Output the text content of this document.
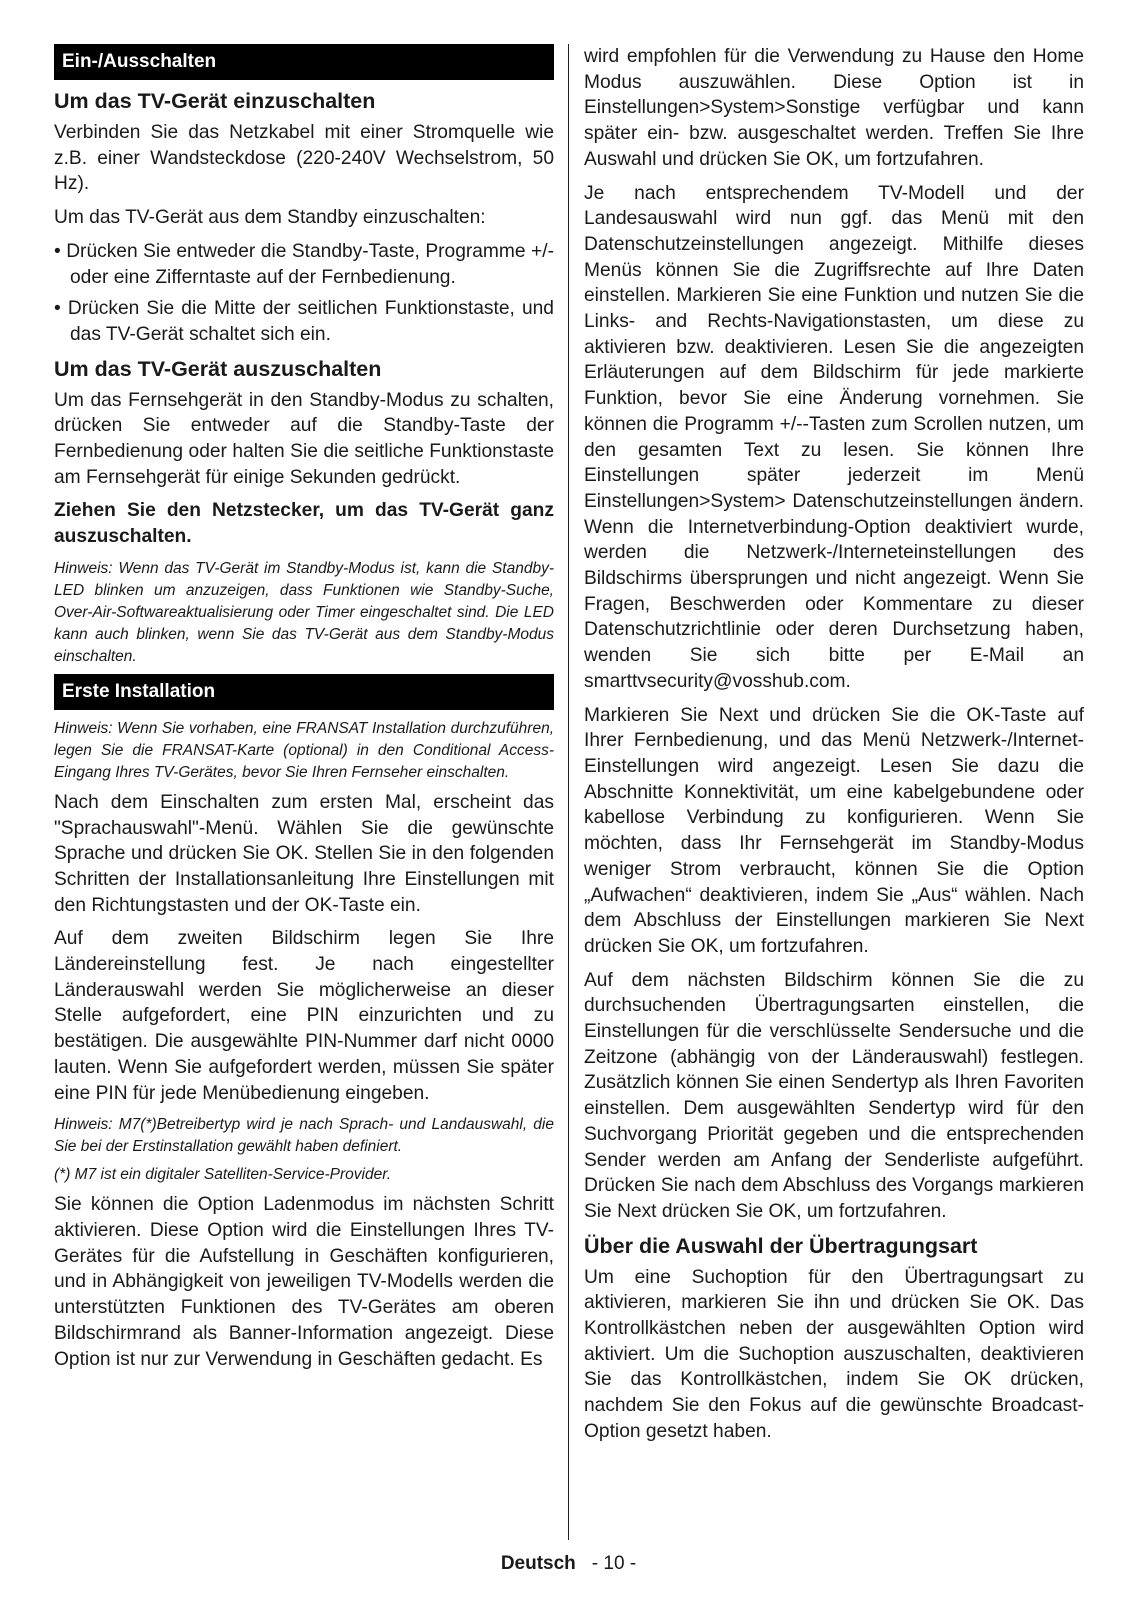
Ein-/Ausschalten
Um das TV-Gerät einzuschalten

Verbinden Sie das Netzkabel mit einer Stromquelle wie z.B. einer Wandsteckdose (220-240V Wechselstrom, 50 Hz).

Um das TV-Gerät aus dem Standby einzuschalten:

• Drücken Sie entweder die Standby-Taste, Programme +/- oder eine Zifferntaste auf der Fernbedienung.
• Drücken Sie die Mitte der seitlichen Funktionstaste, und das TV-Gerät schaltet sich ein.
Um das TV-Gerät auszuschalten

Um das Fernsehgerät in den Standby-Modus zu schalten, drücken Sie entweder auf die Standby-Taste der Fernbedienung oder halten Sie die seitliche Funktionstaste am Fernsehgerät für einige Sekunden gedrückt.

Ziehen Sie den Netzstecker, um das TV-Gerät ganz auszuschalten.

Hinweis: Wenn das TV-Gerät im Standby-Modus ist, kann die Standby-LED blinken um anzuzeigen, dass Funktionen wie Standby-Suche, Over-Air-Softwareaktualisierung oder Timer eingeschaltet sind. Die LED kann auch blinken, wenn Sie das TV-Gerät aus dem Standby-Modus einschalten.

Erste Installation

Hinweis: Wenn Sie vorhaben, eine FRANSAT Installation durchzuführen, legen Sie die FRANSAT-Karte (optional) in den Conditional Access-Eingang Ihres TV-Gerätes, bevor Sie Ihren Fernseher einschalten.

Nach dem Einschalten zum ersten Mal, erscheint das "Sprachauswahl"-Menü. Wählen Sie die gewünschte Sprache und drücken Sie OK. Stellen Sie in den folgenden Schritten der Installationsanleitung Ihre Einstellungen mit den Richtungstasten und der OK-Taste ein.

Auf dem zweiten Bildschirm legen Sie Ihre Ländereinstellung fest. Je nach eingestellter Länderauswahl werden Sie möglicherweise an dieser Stelle aufgefordert, eine PIN einzurichten und zu bestätigen. Die ausgewählte PIN-Nummer darf nicht 0000 lauten. Wenn Sie aufgefordert werden, müssen Sie später eine PIN für jede Menübedienung eingeben.

Hinweis: M7(*)Betreibertyp wird je nach Sprach- und Landauswahl, die Sie bei der Erstinstallation gewählt haben definiert.

(*) M7 ist ein digitaler Satelliten-Service-Provider.

Sie können die Option Ladenmodus im nächsten Schritt aktivieren. Diese Option wird die Einstellungen Ihres TV-Gerätes für die Aufstellung in Geschäften konfigurieren, und in Abhängigkeit von jeweiligen TV-Modells werden die unterstützten Funktionen des TV-Gerätes am oberen Bildschirmrand als Banner-Information angezeigt. Diese Option ist nur zur Verwendung in Geschäften gedacht. Es

wird empfohlen für die Verwendung zu Hause den Home Modus auszuwählen. Diese Option ist in Einstellungen>System>Sonstige verfügbar und kann später ein- bzw. ausgeschaltet werden. Treffen Sie Ihre Auswahl und drücken Sie OK, um fortzufahren.

Je nach entsprechendem TV-Modell und der Landesauswahl wird nun ggf. das Menü mit den Datenschutzeinstellungen angezeigt. Mithilfe dieses Menüs können Sie die Zugriffsrechte auf Ihre Daten einstellen. Markieren Sie eine Funktion und nutzen Sie die Links- and Rechts-Navigationstasten, um diese zu aktivieren bzw. deaktivieren. Lesen Sie die angezeigten Erläuterungen auf dem Bildschirm für jede markierte Funktion, bevor Sie eine Änderung vornehmen. Sie können die Programm +/--Tasten zum Scrollen nutzen, um den gesamten Text zu lesen. Sie können Ihre Einstellungen später jederzeit im Menü Einstellungen>System> Datenschutzeinstellungen ändern. Wenn die Internetverbindung-Option deaktiviert wurde, werden die Netzwerk-/Interneteinstellungen des Bildschirms übersprungen und nicht angezeigt. Wenn Sie Fragen, Beschwerden oder Kommentare zu dieser Datenschutzrichtlinie oder deren Durchsetzung haben, wenden Sie sich bitte per E-Mail an smarttvsecurity@vosshub.com.

Markieren Sie Next und drücken Sie die OK-Taste auf Ihrer Fernbedienung, und das Menü Netzwerk-/Internet-Einstellungen wird angezeigt. Lesen Sie dazu die Abschnitte Konnektivität, um eine kabelgebundene oder kabellose Verbindung zu konfigurieren. Wenn Sie möchten, dass Ihr Fernsehgerät im Standby-Modus weniger Strom verbraucht, können Sie die Option „Aufwachen“ deaktivieren, indem Sie „Aus“ wählen. Nach dem Abschluss der Einstellungen markieren Sie Next drücken Sie OK, um fortzufahren.

Auf dem nächsten Bildschirm können Sie die zu durchsuchenden Übertragungsarten einstellen, die Einstellungen für die verschlüsselte Sendersuche und die Zeitzone (abhängig von der Länderauswahl) festlegen. Zusätzlich können Sie einen Sendertyp als Ihren Favoriten einstellen. Dem ausgewählten Sendertyp wird für den Suchvorgang Priorität gegeben und die entsprechenden Sender werden am Anfang der Senderliste aufgeführt. Drücken Sie nach dem Abschluss des Vorgangs markieren Sie Next drücken Sie OK, um fortzufahren.

Über die Auswahl der Übertragungsart

Um eine Suchoption für den Übertragungsart zu aktivieren, markieren Sie ihn und drücken Sie OK. Das Kontrollkästchen neben der ausgewählten Option wird aktiviert. Um die Suchoption auszuschalten, deaktivieren Sie das Kontrollkästchen, indem Sie OK drücken, nachdem Sie den Fokus auf die gewünschte Broadcast-Option gesetzt haben.

Deutsch - 10 -
